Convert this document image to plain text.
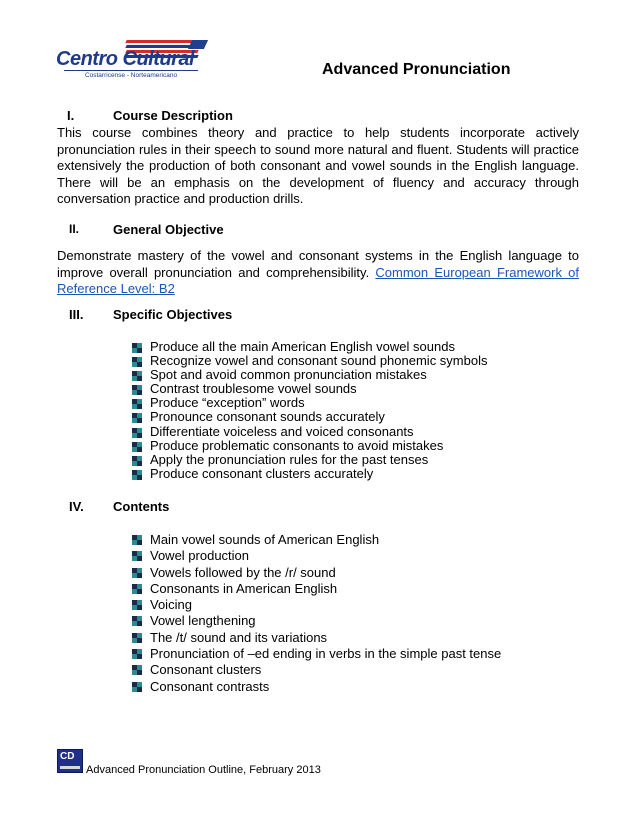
Centro Cultural
Costarricense - Norteamericano	Advanced Pronunciation
I.	Course Description
This course combines theory and practice to help students incorporate actively pronunciation rules in their speech to sound more natural and fluent. Students will practice extensively the production of both consonant and vowel sounds in the English language. There will be an emphasis on the development of fluency and accuracy through conversation practice and production drills.
II.	General Objective
Demonstrate mastery of the vowel and consonant systems in the English language to improve overall pronunciation and comprehensibility. Common European Framework of Reference Level: B2
III. Specific Objectives
Produce all the main American English vowel sounds
Recognize vowel and consonant sound phonemic symbols
Spot and avoid common pronunciation mistakes
Contrast troublesome vowel sounds
Produce “exception” words
Pronounce consonant sounds accurately
Differentiate voiceless and voiced consonants
Produce problematic consonants to avoid mistakes
Apply the pronunciation rules for the past tenses
Produce consonant clusters accurately
IV. Contents
Main vowel sounds of American English
Vowel production
Vowels followed by the /r/ sound
Consonants in American English
Voicing
Vowel lengthening
The /t/ sound and its variations
Pronunciation of –ed ending in verbs in the simple past tense
Consonant clusters
Consonant contrasts
CD
Advanced Pronunciation Outline, February 2013
